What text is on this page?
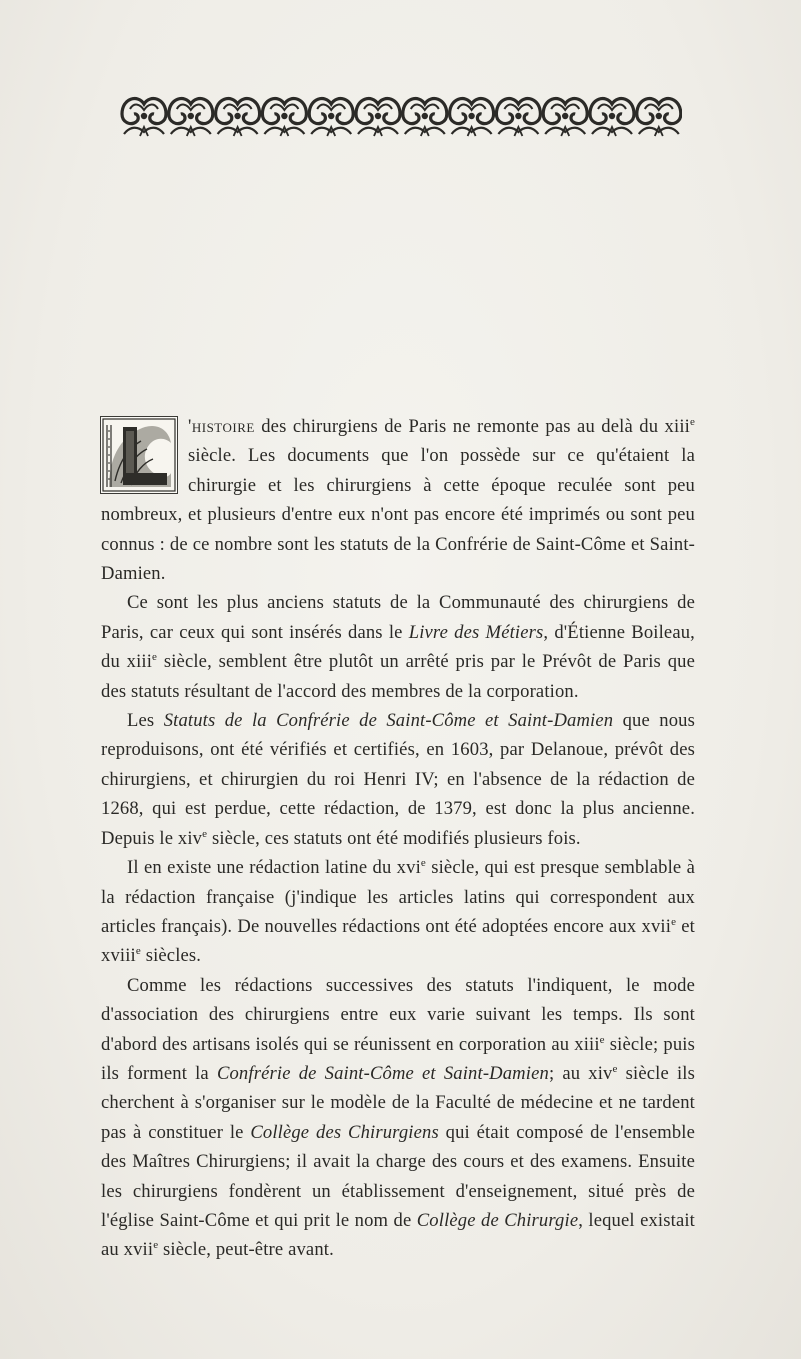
'histoire des chirurgiens de Paris ne remonte pas au delà du xiii$^e$ siècle. Les documents que l'on possède sur ce qu'étaient la chirurgie et les chirurgiens à cette époque reculée sont peu nombreux, et plusieurs d'entre eux n'ont pas encore été imprimés ou sont peu connus : de ce nombre sont les statuts de la Confrérie de Saint-Côme et Saint-Damien.

Ce sont les plus anciens statuts de la Communauté des chirurgiens de Paris, car ceux qui sont insérés dans le Livre des Métiers, d'Étienne Boileau, du xiii$^e$ siècle, semblent être plutôt un arrêté pris par le Prévôt de Paris que des statuts résultant de l'accord des membres de la corporation.

Les Statuts de la Confrérie de Saint-Côme et Saint-Damien que nous reproduisons, ont été vérifiés et certifiés, en 1603, par Delanoue, prévôt des chirurgiens, et chirurgien du roi Henri IV; en l'absence de la rédaction de 1268, qui est perdue, cette rédaction, de 1379, est donc la plus ancienne. Depuis le xiv$^e$ siècle, ces statuts ont été modifiés plusieurs fois.

Il en existe une rédaction latine du xvi$^e$ siècle, qui est presque semblable à la rédaction française (j'indique les articles latins qui correspondent aux articles français). De nouvelles rédactions ont été adoptées encore aux xvii$^e$ et xviii$^e$ siècles.

Comme les rédactions successives des statuts l'indiquent, le mode d'association des chirurgiens entre eux varie suivant les temps. Ils sont d'abord des artisans isolés qui se réunissent en corporation au xiii$^e$ siècle; puis ils forment la Confrérie de Saint-Côme et Saint-Damien; au xiv$^e$ siècle ils cherchent à s'organiser sur le modèle de la Faculté de médecine et ne tardent pas à constituer le Collège des Chirurgiens qui était composé de l'ensemble des Maîtres Chirurgiens; il avait la charge des cours et des examens. Ensuite les chirurgiens fondèrent un établissement d'enseignement, situé près de l'église Saint-Côme et qui prit le nom de Collège de Chirurgie, lequel existait au xvii$^e$ siècle, peut-être avant.
